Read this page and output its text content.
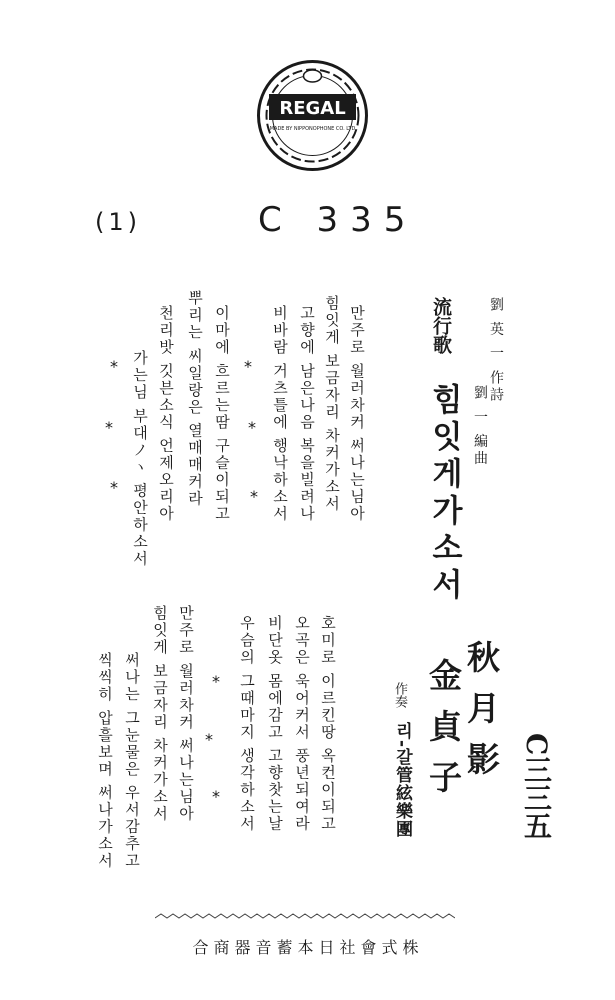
REGAL
MADE BY NIPPONOPHONE CO. LTD
(1)	C 335
劉 英 一 作詩
劉 一 編曲
流行歌
힘잇게가소서
만주로 월러차커 써나는님아
힘잇게 보금자리 차커가소서
고향에 남은나음 복을빌려나
비바람 거츠틀에 행낙하소서
*
*
*
이마에 흐르는땀 구슬이되고
뿌리는 씨일랑은 열매매커라
천리밧 깃븐소식 언제오리아
가는님 부대ノヽ 평안하소서
*
*
*
秋月影
金貞子
作奏
리-갈管絃樂團	C三三五
호미로 이르킨땅 옥컨이되고
오곡은 욱어커서 풍년되여라
비단옷 몸에감고 고향찻는날
우슴의 그때마지 생각하소서
*
*
*
만주로 월러차커 써나는님아
힘잇게 보금자리 차커가소서
써나는 그눈물은 우서감추고
씩씩히 압흘보며 써나가소서
合商器音蓄本日社會式株
